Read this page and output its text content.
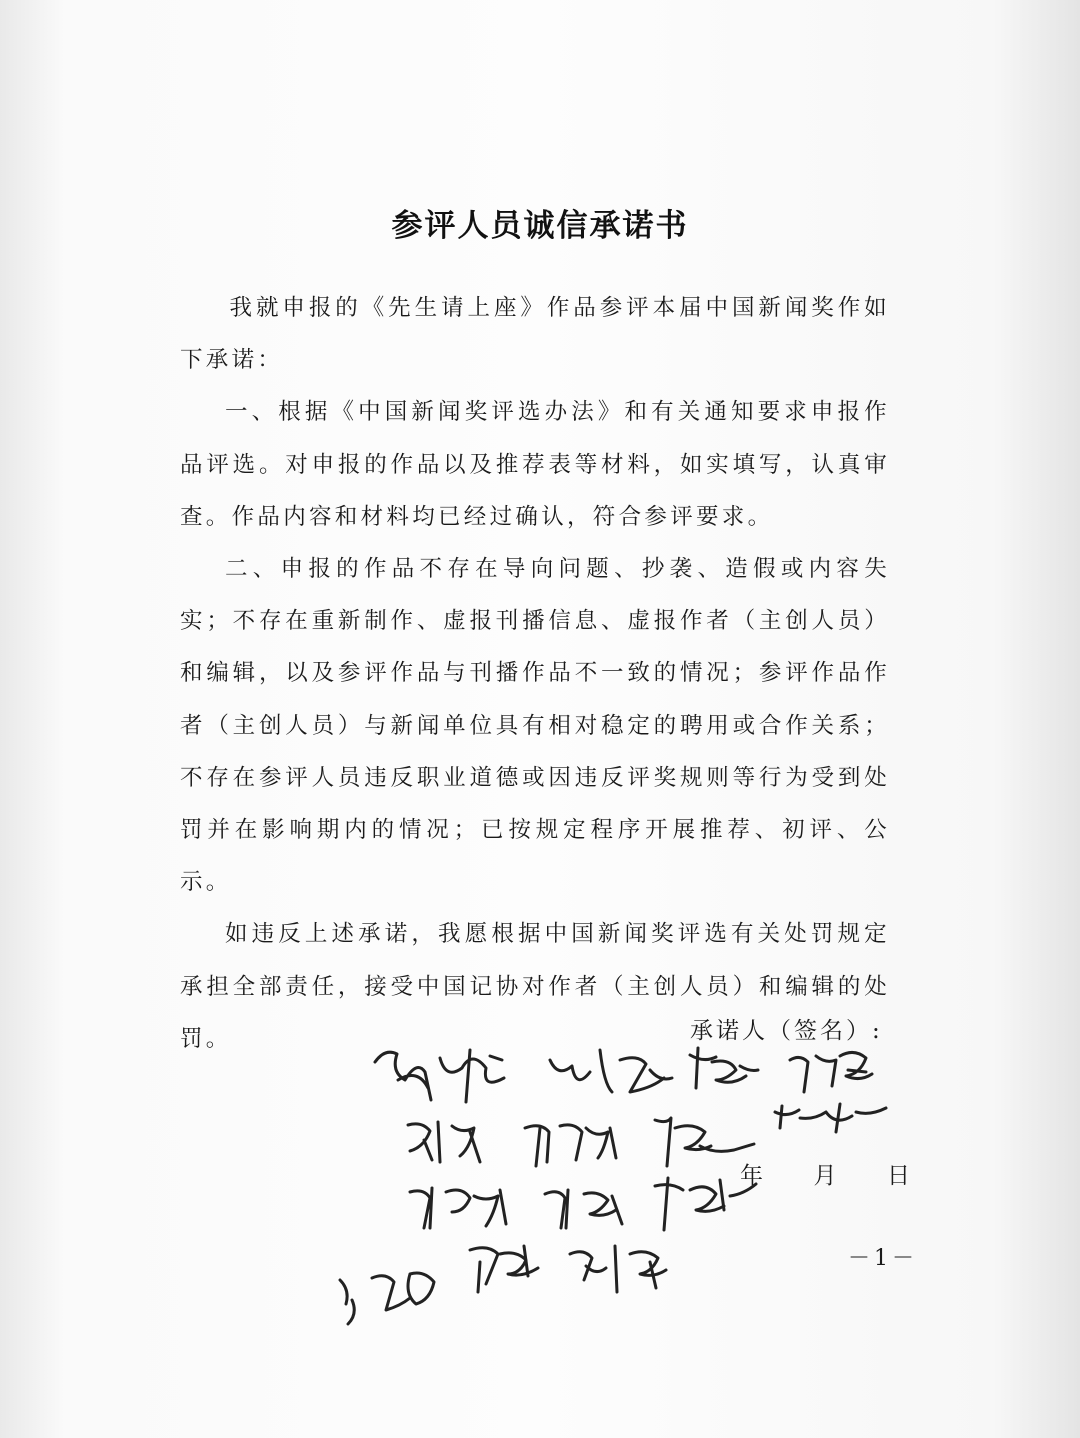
参评人员诚信承诺书

我就申报的《先生请上座》作品参评本届中国新闻奖作如下承诺：

一、根据《中国新闻奖评选办法》和有关通知要求申报作品评选。对申报的作品以及推荐表等材料，如实填写，认真审查。作品内容和材料均已经过确认，符合参评要求。

二、申报的作品不存在导向问题、抄袭、造假或内容失实；不存在重新制作、虚报刊播信息、虚报作者（主创人员）和编辑，以及参评作品与刊播作品不一致的情况；参评作品作者（主创人员）与新闻单位具有相对稳定的聘用或合作关系；不存在参评人员违反职业道德或因违反评奖规则等行为受到处罚并在影响期内的情况；已按规定程序开展推荐、初评、公示。

如违反上述承诺，我愿根据中国新闻奖评选有关处罚规定承担全部责任，接受中国记协对作者（主创人员）和编辑的处罚。	承诺人（签名）:
年 月 日
－1－
